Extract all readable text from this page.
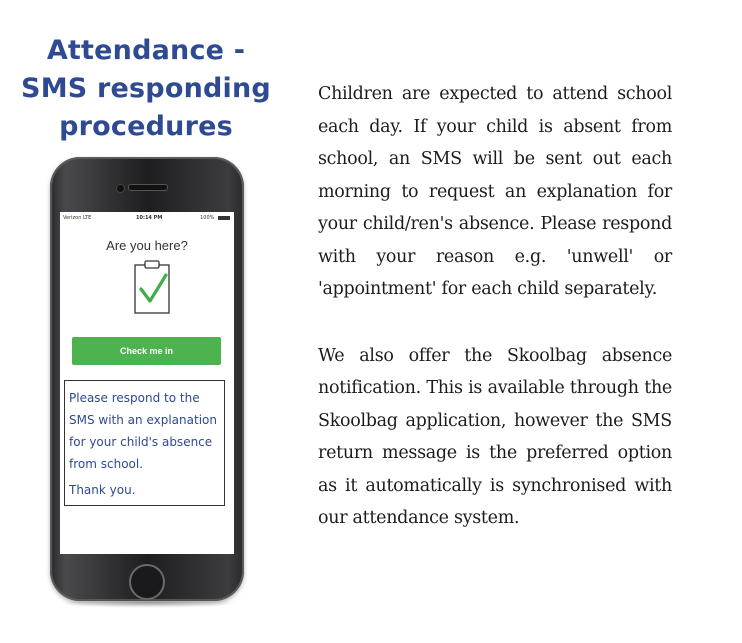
Attendance -
SMS responding
procedures
Verizon LTE	10:14 PM	100%
Are you here?
Check me in

Please respond to the

SMS with an explanation

for your child's absence

from school.

Thank you.

Children are expected to attend school each day. If your child is absent from school, an SMS will be sent out each morning to request an explanation for your child/ren's absence. Please respond with your reason e.g. 'unwell' or 'appointment' for each child separately.

We also offer the Skoolbag absence notification. This is available through the Skoolbag application, however the SMS return message is the preferred option as it automatically is synchronised with our attendance system.
